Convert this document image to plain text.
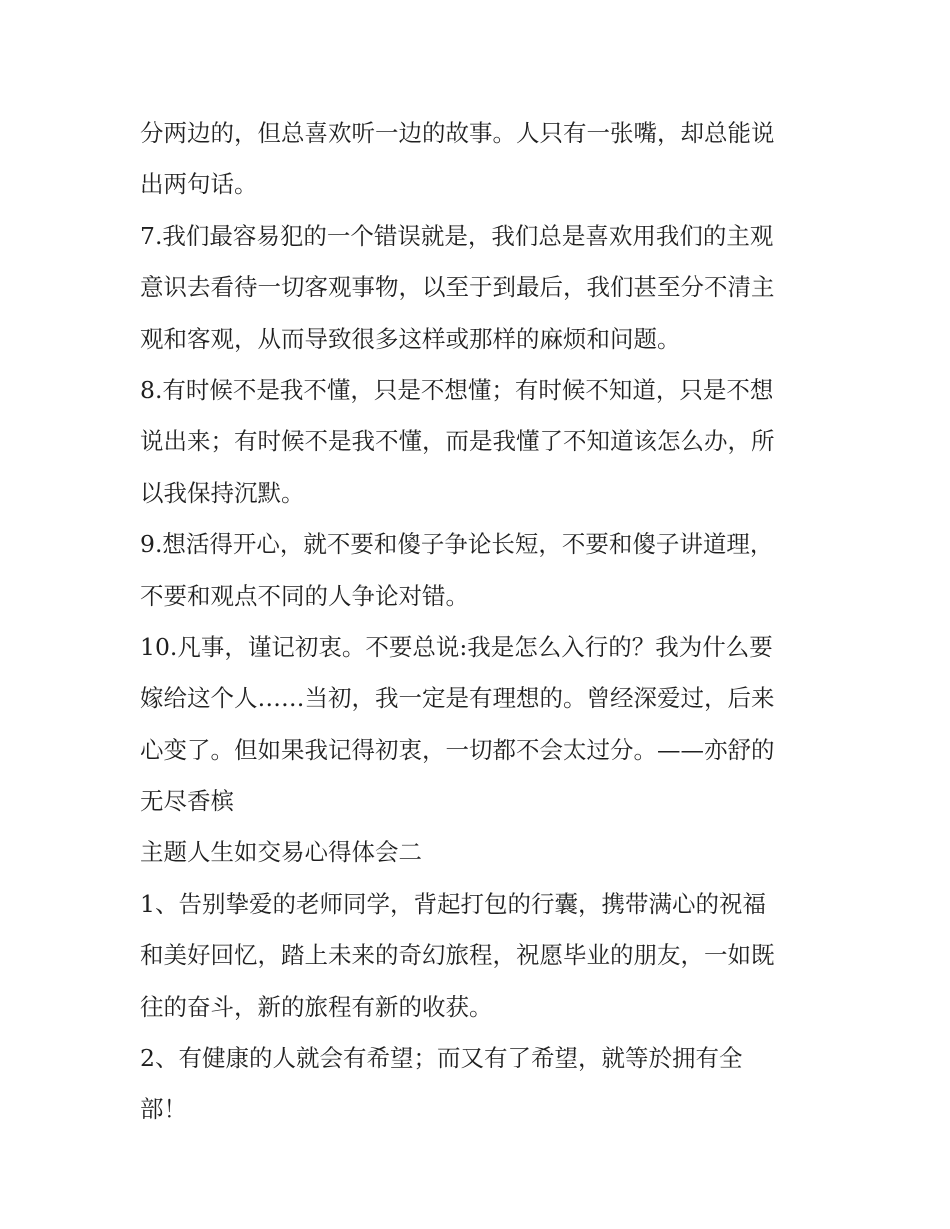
分两边的，但总喜欢听一边的故事。人只有一张嘴，却总能说
出两句话。
7.我们最容易犯的一个错误就是，我们总是喜欢用我们的主观
意识去看待一切客观事物，以至于到最后，我们甚至分不清主
观和客观，从而导致很多这样或那样的麻烦和问题。
8.有时候不是我不懂，只是不想懂；有时候不知道，只是不想
说出来；有时候不是我不懂，而是我懂了不知道该怎么办，所
以我保持沉默。
9.想活得开心，就不要和傻子争论长短，不要和傻子讲道理，
不要和观点不同的人争论对错。
10.凡事，谨记初衷。不要总说:我是怎么入行的？我为什么要
嫁给这个人……当初，我一定是有理想的。曾经深爱过，后来
心变了。但如果我记得初衷，一切都不会太过分。——亦舒的
无尽香槟
主题人生如交易心得体会二
1、告别挚爱的老师同学，背起打包的行囊，携带满心的祝福
和美好回忆，踏上未来的奇幻旅程，祝愿毕业的朋友，一如既
往的奋斗，新的旅程有新的收获。
2、有健康的人就会有希望；而又有了希望，就等於拥有全
部！
